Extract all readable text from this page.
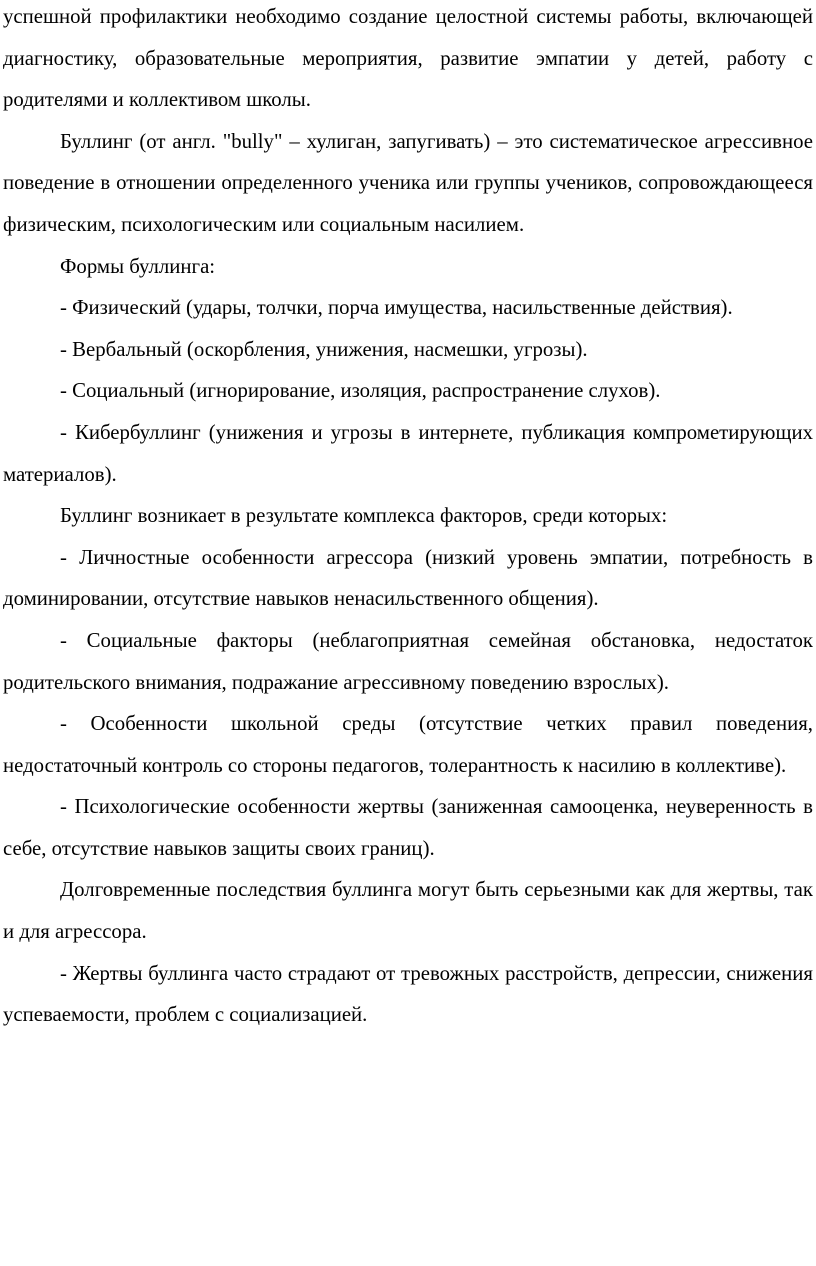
успешной профилактики необходимо создание целостной системы работы, включающей диагностику, образовательные мероприятия, развитие эмпатии у детей, работу с родителями и коллективом школы.

Буллинг (от англ. "bully" – хулиган, запугивать) – это систематическое агрессивное поведение в отношении определенного ученика или группы учеников, сопровождающееся физическим, психологическим или социальным насилием.

Формы буллинга:

- Физический (удары, толчки, порча имущества, насильственные действия).

- Вербальный (оскорбления, унижения, насмешки, угрозы).

- Социальный (игнорирование, изоляция, распространение слухов).

- Кибербуллинг (унижения и угрозы в интернете, публикация компрометирующих материалов).

Буллинг возникает в результате комплекса факторов, среди которых:

- Личностные особенности агрессора (низкий уровень эмпатии, потребность в доминировании, отсутствие навыков ненасильственного общения).

- Социальные факторы (неблагоприятная семейная обстановка, недостаток родительского внимания, подражание агрессивному поведению взрослых).

- Особенности школьной среды (отсутствие четких правил поведения, недостаточный контроль со стороны педагогов, толерантность к насилию в коллективе).

- Психологические особенности жертвы (заниженная самооценка, неуверенность в себе, отсутствие навыков защиты своих границ).

Долговременные последствия буллинга могут быть серьезными как для жертвы, так и для агрессора.

- Жертвы буллинга часто страдают от тревожных расстройств, депрессии, снижения успеваемости, проблем с социализацией.
